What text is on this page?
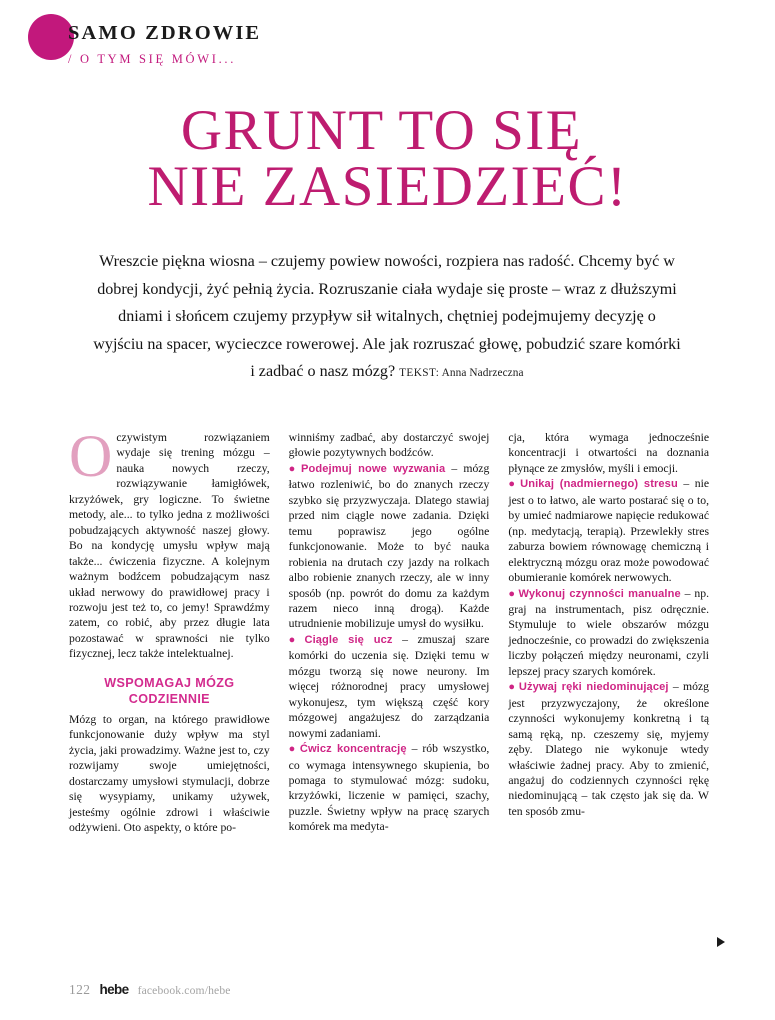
SAMO ZDROWIE
/ O TYM SIĘ MÓWI...
GRUNT TO SIĘ
NIE ZASIEDZIEĆ!
Wreszcie piękna wiosna – czujemy powiew nowości, rozpiera nas radość. Chcemy być w dobrej kondycji, żyć pełnią życia. Rozruszanie ciała wydaje się proste – wraz z dłuższymi dniami i słońcem czujemy przypływ sił witalnych, chętniej podejmujemy decyzję o wyjściu na spacer, wycieczce rowerowej. Ale jak rozruszać głowę, pobudzić szare komórki i zadbać o nasz mózg? TEKST: Anna Nadrzeczna

Oczywistym rozwiązaniem wydaje się trening mózgu – nauka nowych rzeczy, rozwiązywanie łamigłówek, krzyżówek, gry logiczne. To świetne metody, ale... to tylko jedna z możliwości pobudzających aktywność naszej głowy. Bo na kondycję umysłu wpływ mają także... ćwiczenia fizyczne. A kolejnym ważnym bodźcem pobudzającym nasz układ nerwowy do prawidłowej pracy i rozwoju jest też to, co jemy! Sprawdźmy zatem, co robić, aby przez długie lata pozostawać w sprawności nie tylko fizycznej, lecz także intelektualnej.

WSPOMAGAJ MÓZG CODZIENNIE

Mózg to organ, na którego prawidłowe funkcjonowanie duży wpływ ma styl życia, jaki prowadzimy. Ważne jest to, czy rozwijamy swoje umiejętności, dostarczamy umysłowi stymulacji, dobrze się wysypiamy, unikamy używek, jesteśmy ogólnie zdrowi i właściwie odżywieni. Oto aspekty, o które po-

winniśmy zadbać, aby dostarczyć swojej głowie pozytywnych bodźców.

● Podejmuj nowe wyzwania – mózg łatwo rozleniwić, bo do znanych rzeczy szybko się przyzwyczaja. Dlatego stawiaj przed nim ciągle nowe zadania. Dzięki temu poprawisz jego ogólne funkcjonowanie. Może to być nauka robienia na drutach czy jazdy na rolkach albo robienie znanych rzeczy, ale w inny sposób (np. powrót do domu za każdym razem nieco inną drogą). Każde utrudnienie mobilizuje umysł do wysiłku.

● Ciągle się ucz – zmuszaj szare komórki do uczenia się. Dzięki temu w mózgu tworzą się nowe neurony. Im więcej różnorodnej pracy umysłowej wykonujesz, tym większą część kory mózgowej angażujesz do zarządzania nowymi zadaniami.

● Ćwicz koncentrację – rób wszystko, co wymaga intensywnego skupienia, bo pomaga to stymulować mózg: sudoku, krzyżówki, liczenie w pamięci, szachy, puzzle. Świetny wpływ na pracę szarych komórek ma medyta-

cja, która wymaga jednocześnie koncentracji i otwartości na doznania płynące ze zmysłów, myśli i emocji.

● Unikaj (nadmiernego) stresu – nie jest o to łatwo, ale warto postarać się o to, by umieć nadmiarowe napięcie redukować (np. medytacją, terapią). Przewlekły stres zaburza bowiem równowagę chemiczną i elektryczną mózgu oraz może powodować obumieranie komórek nerwowych.

● Wykonuj czynności manualne – np. graj na instrumentach, pisz odręcznie. Stymuluje to wiele obszarów mózgu jednocześnie, co prowadzi do zwiększenia liczby połączeń między neuronami, czyli lepszej pracy szarych komórek.

● Używaj ręki niedominującej – mózg jest przyzwyczajony, że określone czynności wykonujemy konkretną i tą samą ręką, np. czeszemy się, myjemy zęby. Dlatego nie wykonuje wtedy właściwie żadnej pracy. Aby to zmienić, angażuj do codziennych czynności rękę niedominującą – tak często jak się da. W ten sposób zmu-

122 hebe facebook.com/hebe
